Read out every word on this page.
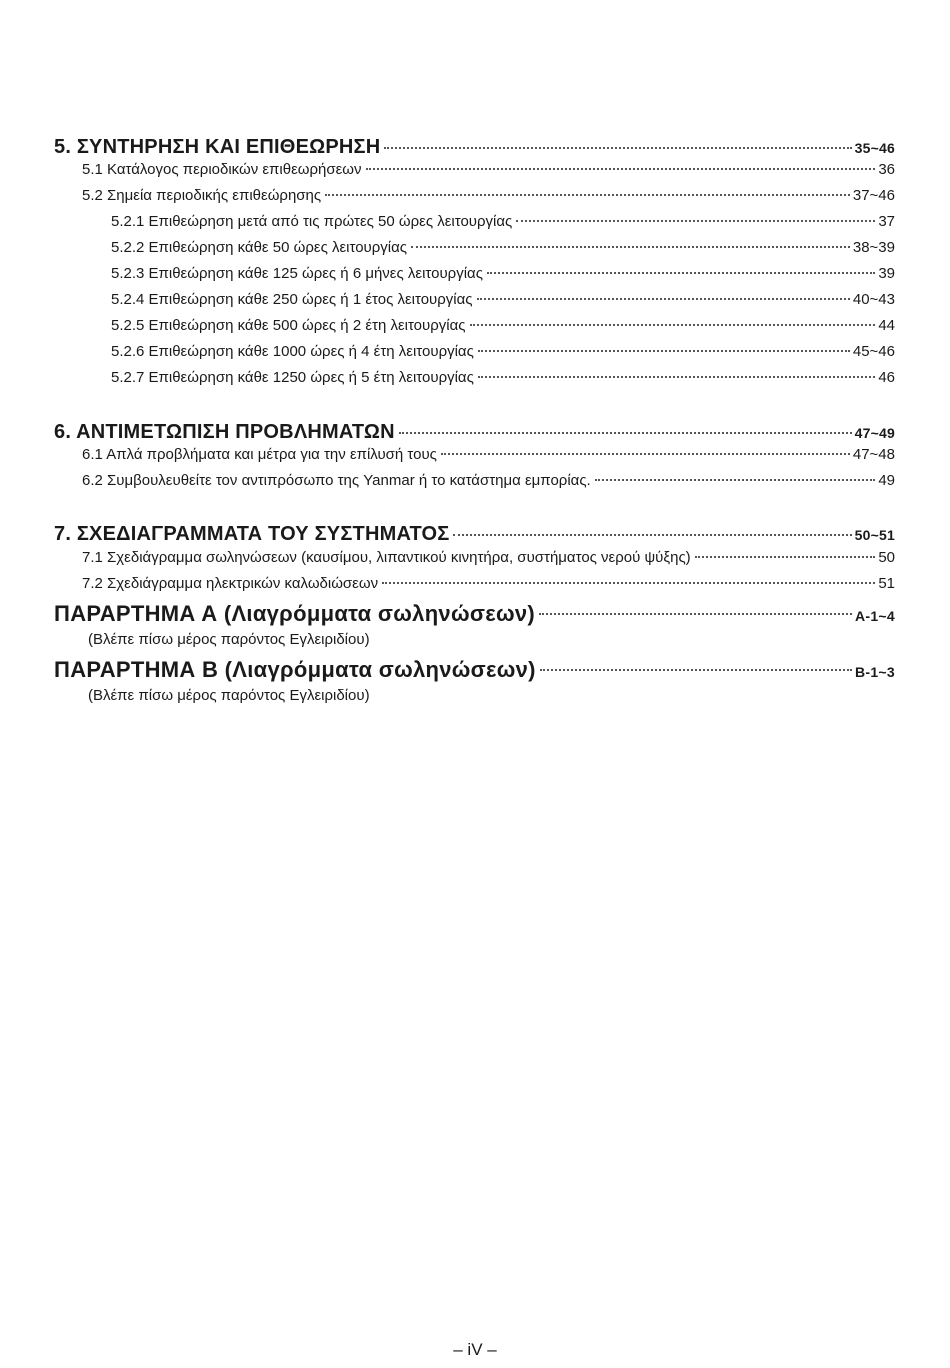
5. ΣΥΝΤΗΡΗΣΗ ΚΑΙ ΕΠΙΘΕΩΡΗΣΗ	35~46
5.1 Κατάλογος περιοδικών επιθεωρήσεων	36
5.2 Σημεία περιοδικής επιθεώρησης	37~46
5.2.1 Επιθεώρηση μετά από τις πρώτες 50 ώρες λειτουργίας	37
5.2.2 Επιθεώρηση κάθε 50 ώρες λειτουργίας	38~39
5.2.3 Επιθεώρηση κάθε 125 ώρες ή 6 μήνες λειτουργίας	39
5.2.4 Επιθεώρηση κάθε 250 ώρες ή 1 έτος λειτουργίας	40~43
5.2.5 Επιθεώρηση κάθε 500 ώρες ή 2 έτη λειτουργίας	44
5.2.6 Επιθεώρηση κάθε 1000 ώρες ή 4 έτη λειτουργίας	45~46
5.2.7 Επιθεώρηση κάθε 1250 ώρες ή 5 έτη λειτουργίας	46
6. ΑΝΤΙΜΕΤΩΠΙΣΗ ΠΡΟΒΛΗΜΑΤΩΝ	47~49
6.1 Απλά προβλήματα και μέτρα για την επίλυσή τους	47~48
6.2 Συμβουλευθείτε τον αντιπρόσωπο της Yanmar ή το κατάστημα εμπορίας.	49
7. ΣΧΕΔΙΑΓΡΑΜΜΑΤΑ ΤΟΥ ΣΥΣΤΗΜΑΤΟΣ	50~51
7.1 Σχεδιάγραμμα σωληνώσεων (καυσίμου, λιπαντικού κινητήρα, συστήματος νερού ψύξης)	50
7.2 Σχεδιάγραμμα ηλεκτρικών καλωδιώσεων	51
ΠΑΡΑΡΤΗΜΑ Α (Λιαγρόμματα σωληνώσεων)	A-1~4
(Βλέπε πίσω μέρος παρόντος Εγλειριδίου)
ΠΑΡΑΡΤΗΜΑ Β (Λιαγρόμματα σωληνώσεων)	B-1~3
(Βλέπε πίσω μέρος παρόντος Εγλειριδίου)
– iV –
